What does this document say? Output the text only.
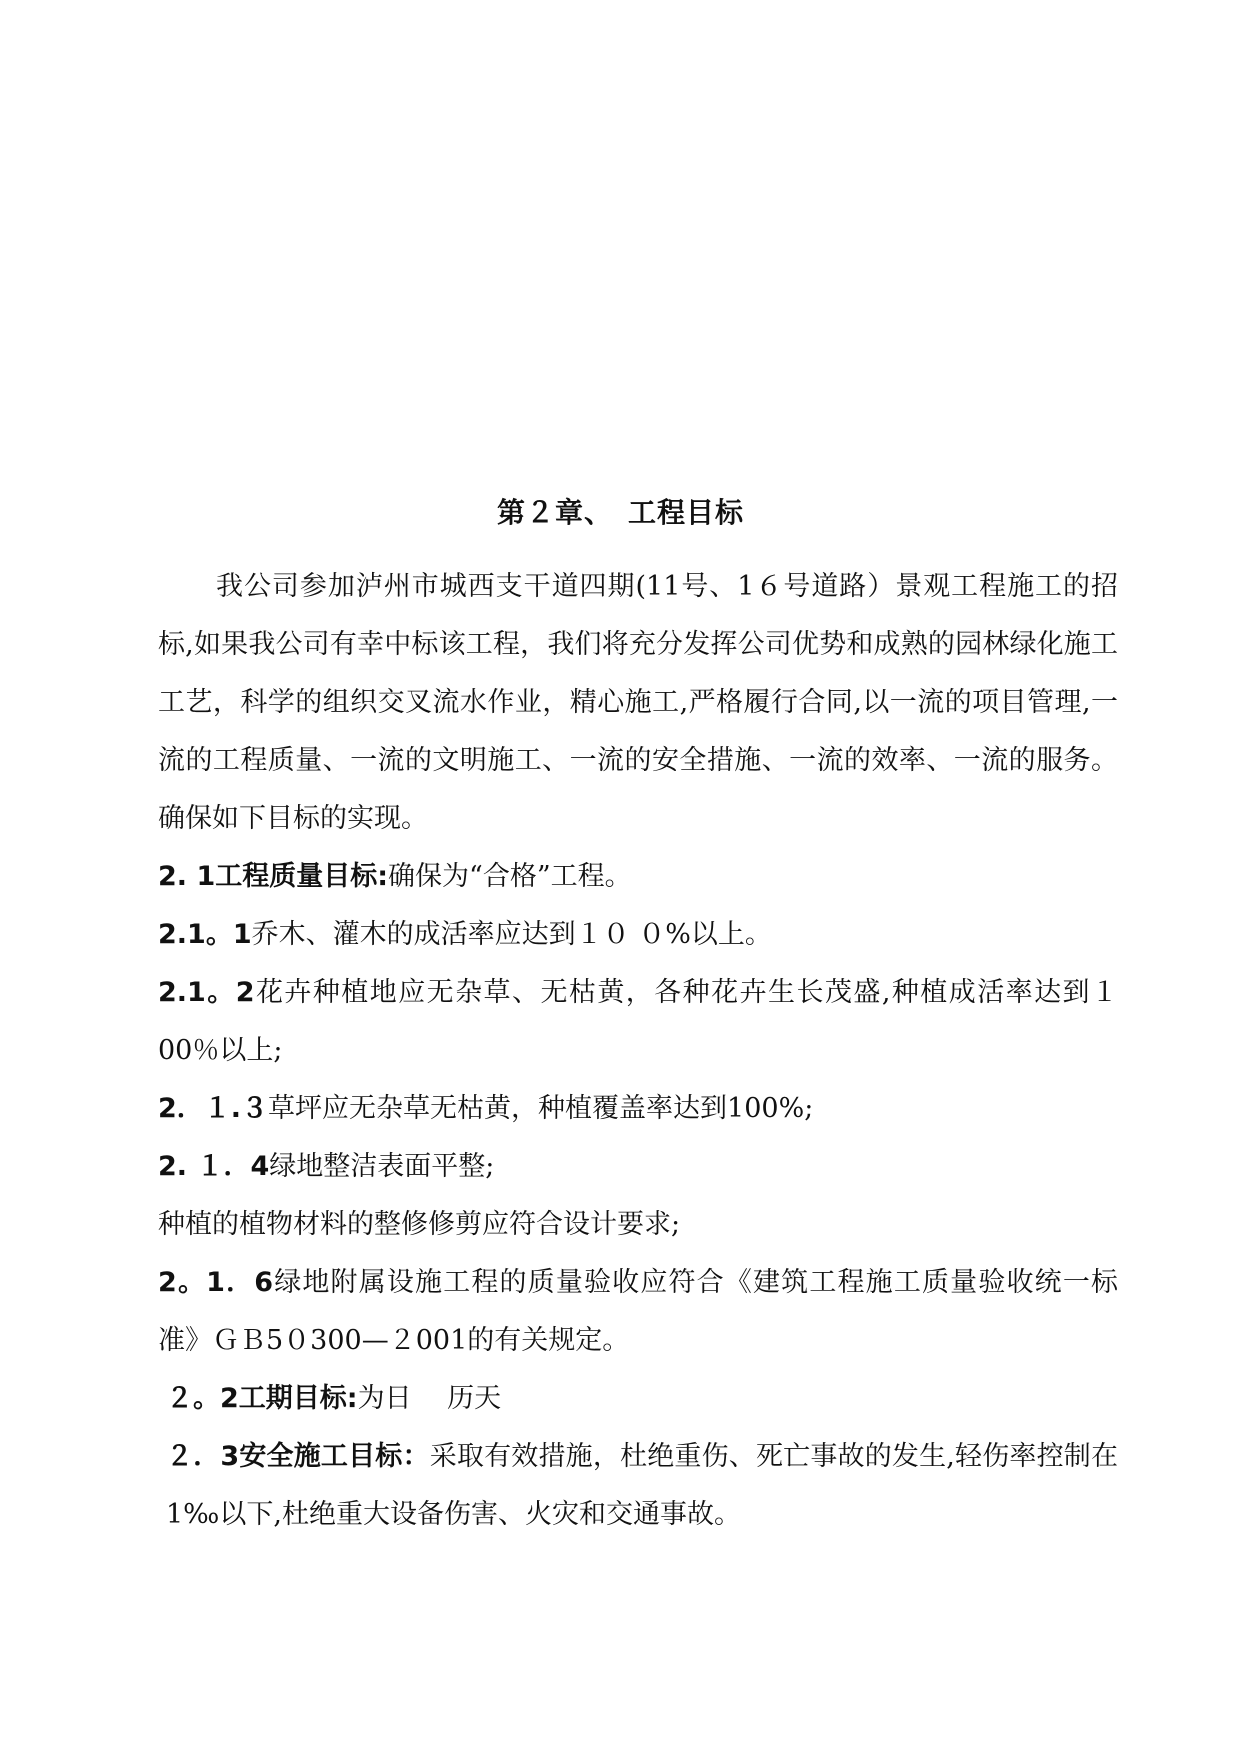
第２章、　工程目标

我公司参加泸州市城西支干道四期(11号、1６号道路）景观工程施工的招标,如果我公司有幸中标该工程，我们将充分发挥公司优势和成熟的园林绿化施工工艺，科学的组织交叉流水作业，精心施工,严格履行合同,以一流的项目管理,一流的工程质量、一流的文明施工、一流的安全措施、一流的效率、一流的服务。确保如下目标的实现。

2. 1工程质量目标:确保为“合格”工程。

2.1。1乔木、灌木的成活率应达到１０ ０%以上。

2.1。2花卉种植地应无杂草、无枯黄，各种花卉生长茂盛,种植成活率达到１00％以上;

2．１.３草坪应无杂草无枯黄，种植覆盖率达到100%;

2. １．4绿地整洁表面平整;

种植的植物材料的整修修剪应符合设计要求;

2。1．6绿地附属设施工程的质量验收应符合《建筑工程施工质量验收统一标准》ＧＢ5０300—２001的有关规定。

２。2工期目标:为日　 历天

２．3安全施工目标：采取有效措施，杜绝重伤、死亡事故的发生,轻伤率控制在1‰以下,杜绝重大设备伤害、火灾和交通事故。
